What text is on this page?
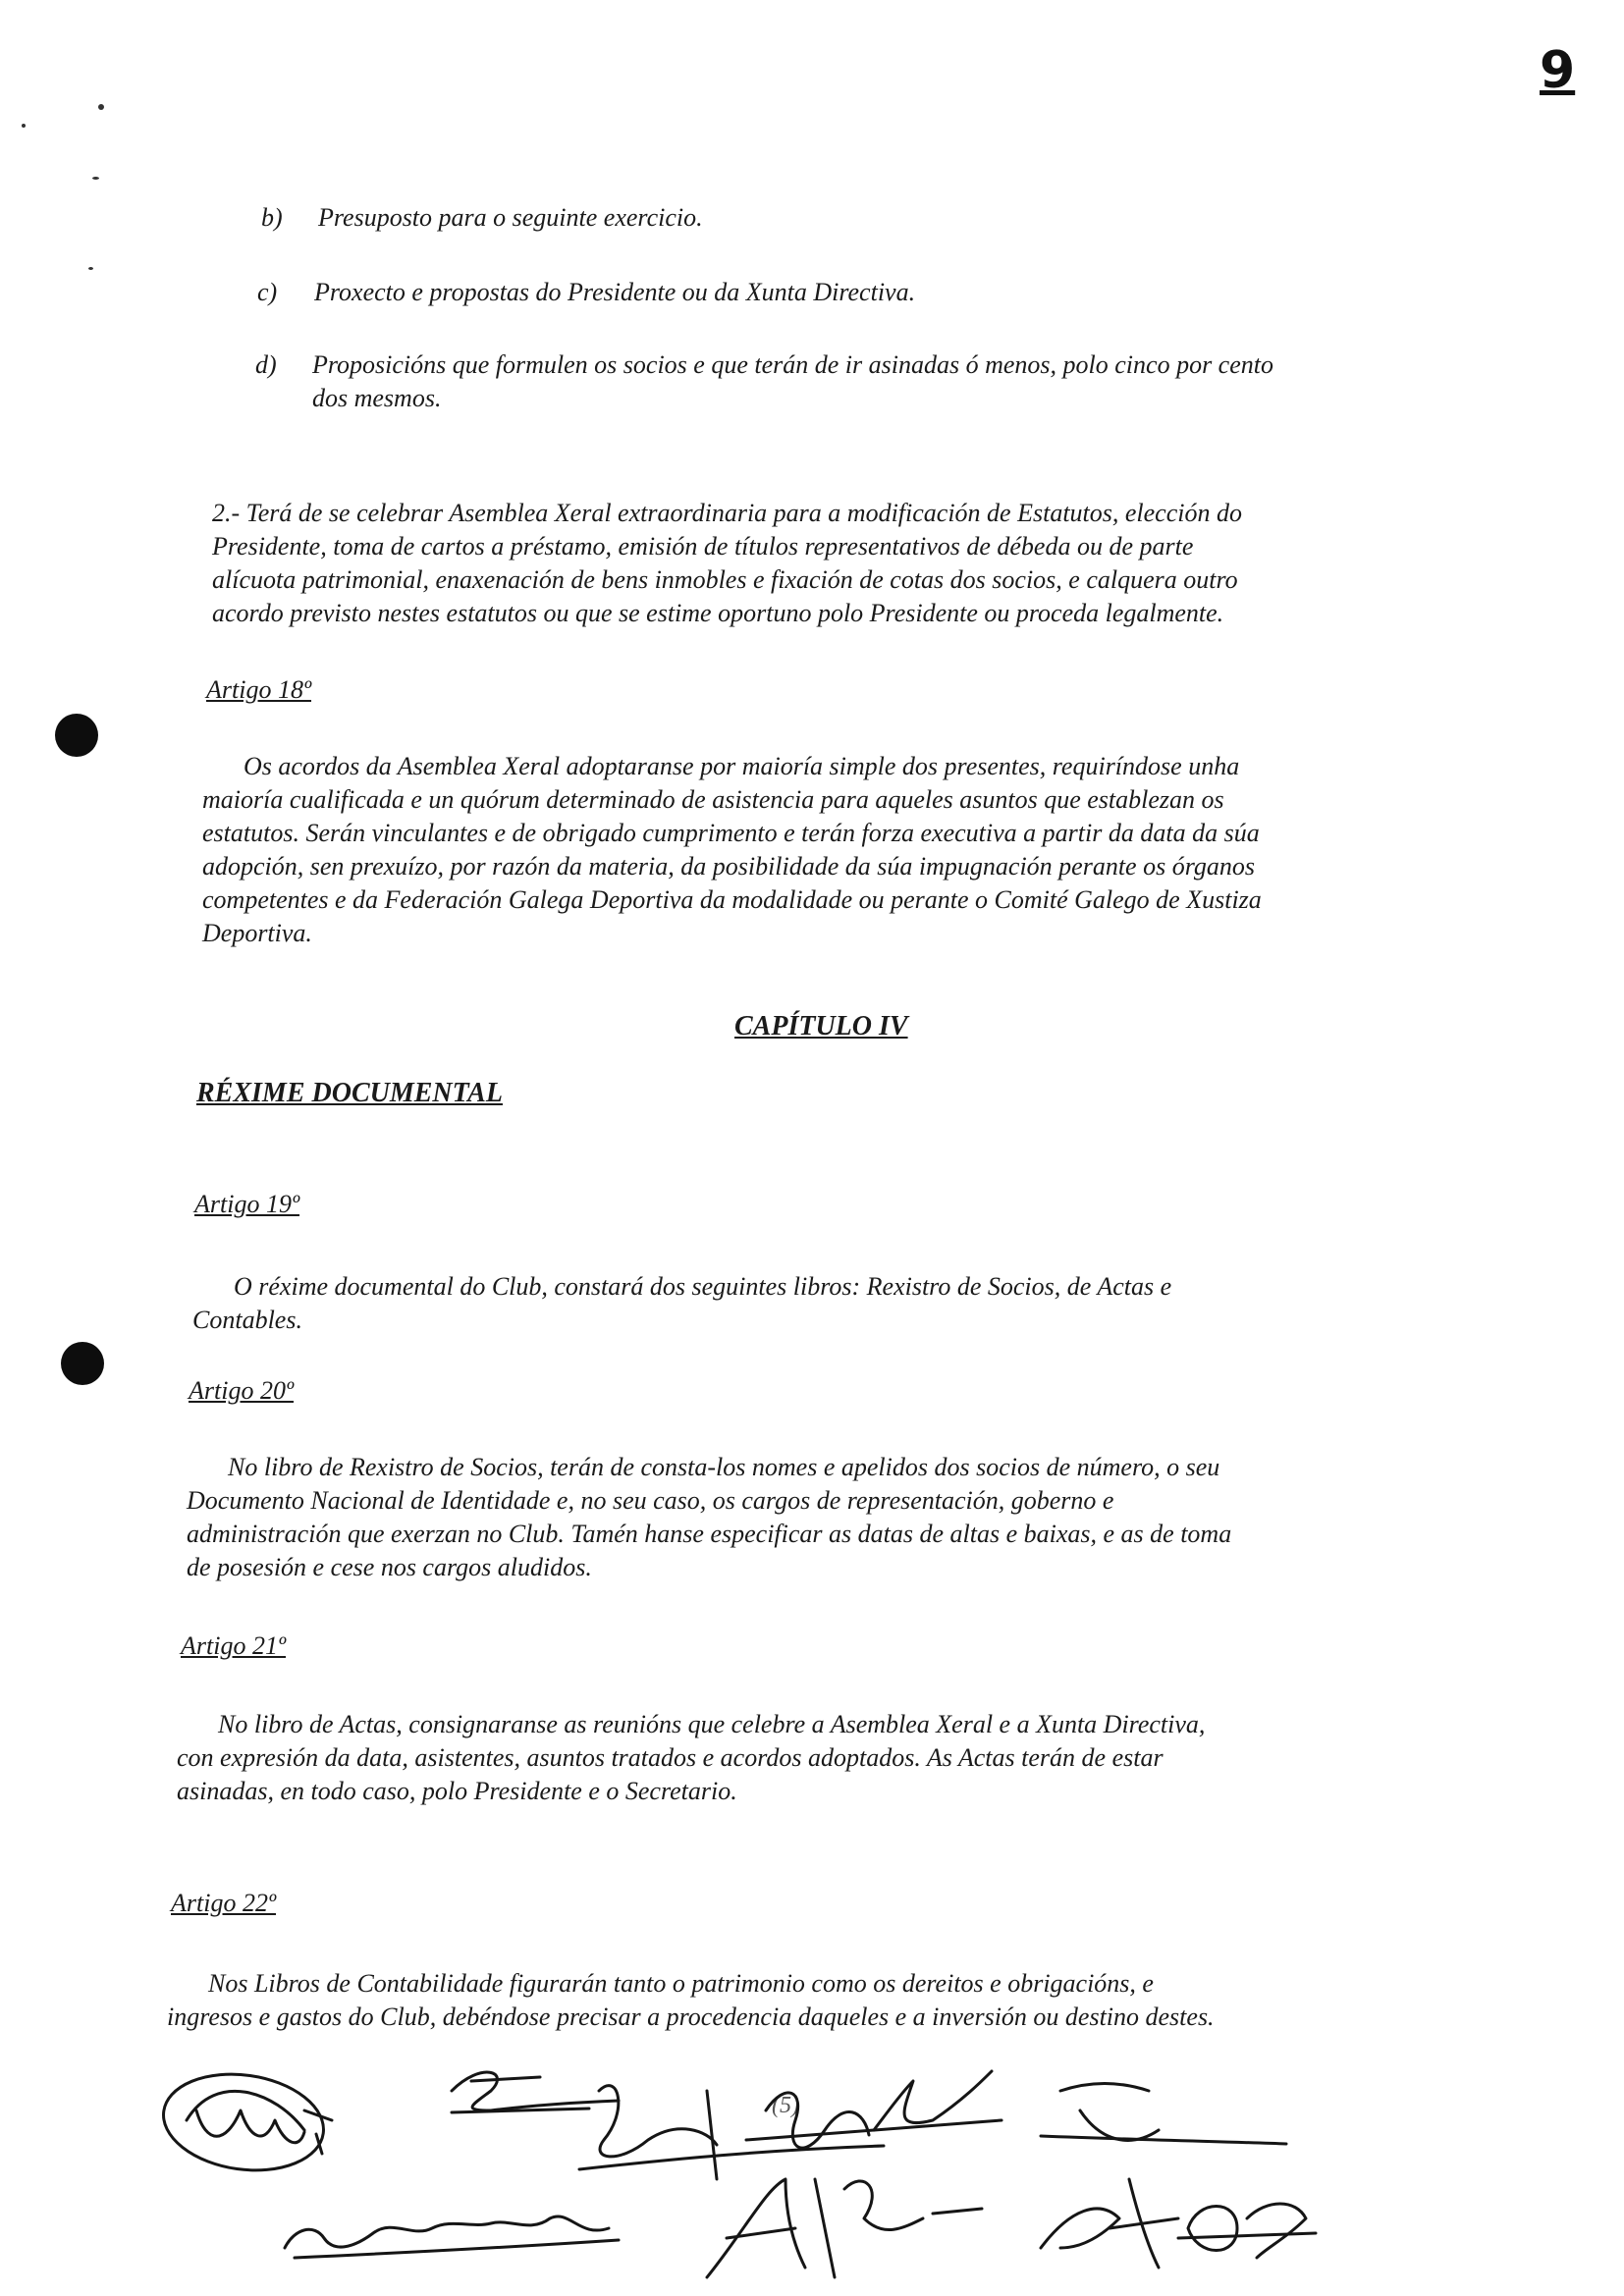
9
b) Presuposto para o seguinte exercicio.
c) Proxecto e propostas do Presidente ou da Xunta Directiva.
d) Proposicións que formulen os socios e que terán de ir asinadas ó menos, polo cinco por cento
dos mesmos.
2.- Terá de se celebrar Asemblea Xeral extraordinaria para a modificación de Estatutos, elección do
Presidente, toma de cartos a préstamo, emisión de títulos representativos de débeda ou de parte
alícuota patrimonial, enaxenación de bens inmobles e fixación de cotas dos socios, e calquera outro
acordo previsto nestes estatutos ou que se estime oportuno polo Presidente ou proceda legalmente.
Artigo 18º
Os acordos da Asemblea Xeral adoptaranse por maioría simple dos presentes, requiríndose unha
maioría cualificada e un quórum determinado de asistencia para aqueles asuntos que establezan os
estatutos. Serán vinculantes e de obrigado cumprimento e terán forza executiva a partir da data da súa
adopción, sen prexuízo, por razón da materia, da posibilidade da súa impugnación perante os órganos
competentes e da Federación Galega Deportiva da modalidade ou perante o Comité Galego de Xustiza
Deportiva.
CAPÍTULO IV
RÉXIME DOCUMENTAL
Artigo 19º
O réxime documental do Club, constará dos seguintes libros: Rexistro de Socios, de Actas e
Contables.
Artigo 20º
No libro de Rexistro de Socios, terán de consta-los nomes e apelidos dos socios de número, o seu
Documento Nacional de Identidade e, no seu caso, os cargos de representación, goberno e
administración que exerzan no Club. Tamén hanse especificar as datas de altas e baixas, e as de toma
de posesión e cese nos cargos aludidos.
Artigo 21º
No libro de Actas, consignaranse as reunións que celebre a Asemblea Xeral e a Xunta Directiva,
con expresión da data, asistentes, asuntos tratados e acordos adoptados. As Actas terán de estar
asinadas, en todo caso, polo Presidente e o Secretario.
Artigo 22º
Nos Libros de Contabilidade figurarán tanto o patrimonio como os dereitos e obrigacións, e
ingresos e gastos do Club, debéndose precisar a procedencia daqueles e a inversión ou destino destes.
(5)
